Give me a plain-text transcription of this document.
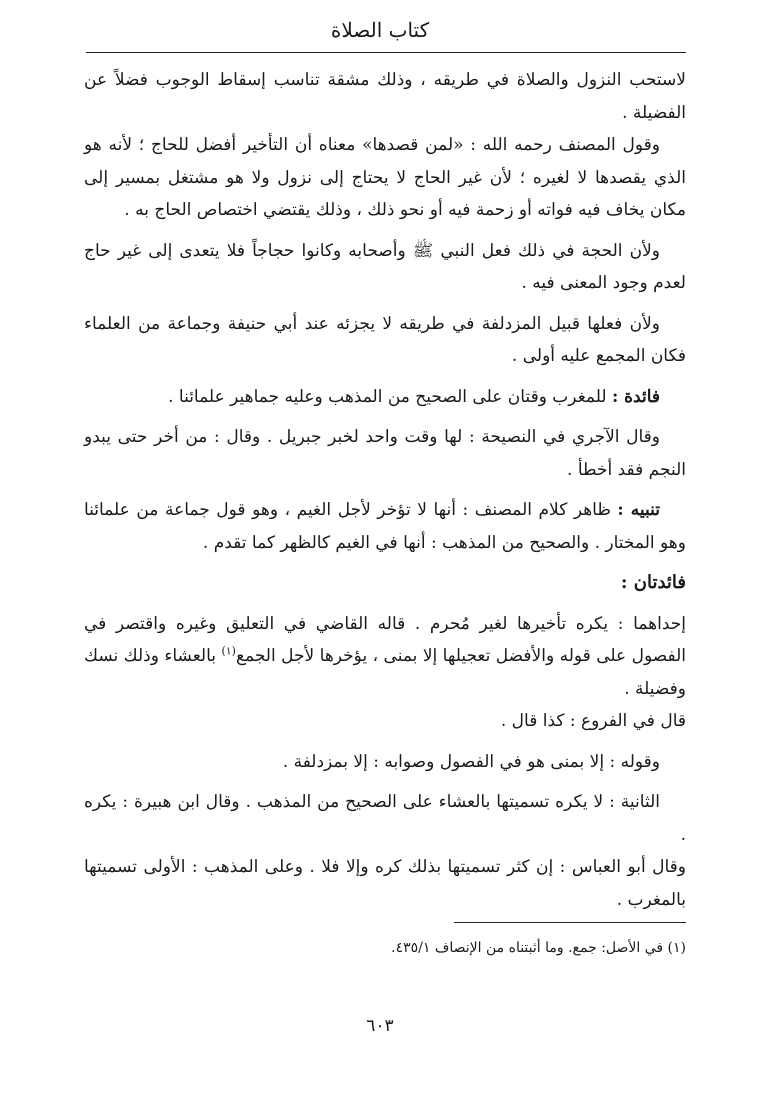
كتاب الصلاة

لاستحب النزول والصلاة في طريقه ، وذلك مشقة تناسب إسقاط الوجوب فضلاً عن الفضيلة .

وقول المصنف رحمه الله : «لمن قصدها» معناه أن التأخير أفضل للحاج ؛ لأنه هو الذي يقصدها لا لغيره ؛ لأن غير الحاج لا يحتاج إلى نزول ولا هو مشتغل بمسير إلى مكان يخاف فيه فواته أو زحمة فيه أو نحو ذلك ، وذلك يقتضي اختصاص الحاج به .

ولأن الحجة في ذلك فعل النبي ﷺ وأصحابه وكانوا حجاجاً فلا يتعدى إلى غير حاج لعدم وجود المعنى فيه .

ولأن فعلها قبيل المزدلفة في طريقه لا يجزئه عند أبي حنيفة وجماعة من العلماء فكان المجمع عليه أولى .

فائدة : للمغرب وقتان على الصحيح من المذهب وعليه جماهير علمائنا .

وقال الآجري في النصيحة : لها وقت واحد لخبر جبريل . وقال : من أخر حتى يبدو النجم فقد أخطأ .

تنبيه : ظاهر كلام المصنف : أنها لا تؤخر لأجل الغيم ، وهو قول جماعة من علمائنا وهو المختار . والصحيح من المذهب : أنها في الغيم كالظهر كما تقدم .

فائدتان :

إحداهما : يكره تأخيرها لغير مُحرم . قاله القاضي في التعليق وغيره واقتصر في الفصول على قوله والأفضل تعجيلها إلا بمنى ، يؤخرها لأجل الجمع$^{(١)}$ بالعشاء وذلك نسك وفضيلة .

قال في الفروع : كذا قال .

وقوله : إلا بمنى هو في الفصول وصوابه : إلا بمزدلفة .

الثانية : لا يكره تسميتها بالعشاء على الصحيح من المذهب . وقال ابن هبيرة : يكره .

وقال أبو العباس : إن كثر تسميتها بذلك كره وإلا فلا . وعلى المذهب : الأولى تسميتها بالمغرب .

(١) في الأصل: جمع. وما أثبتناه من الإنصاف ٤٣٥/١.
٦٠٣
